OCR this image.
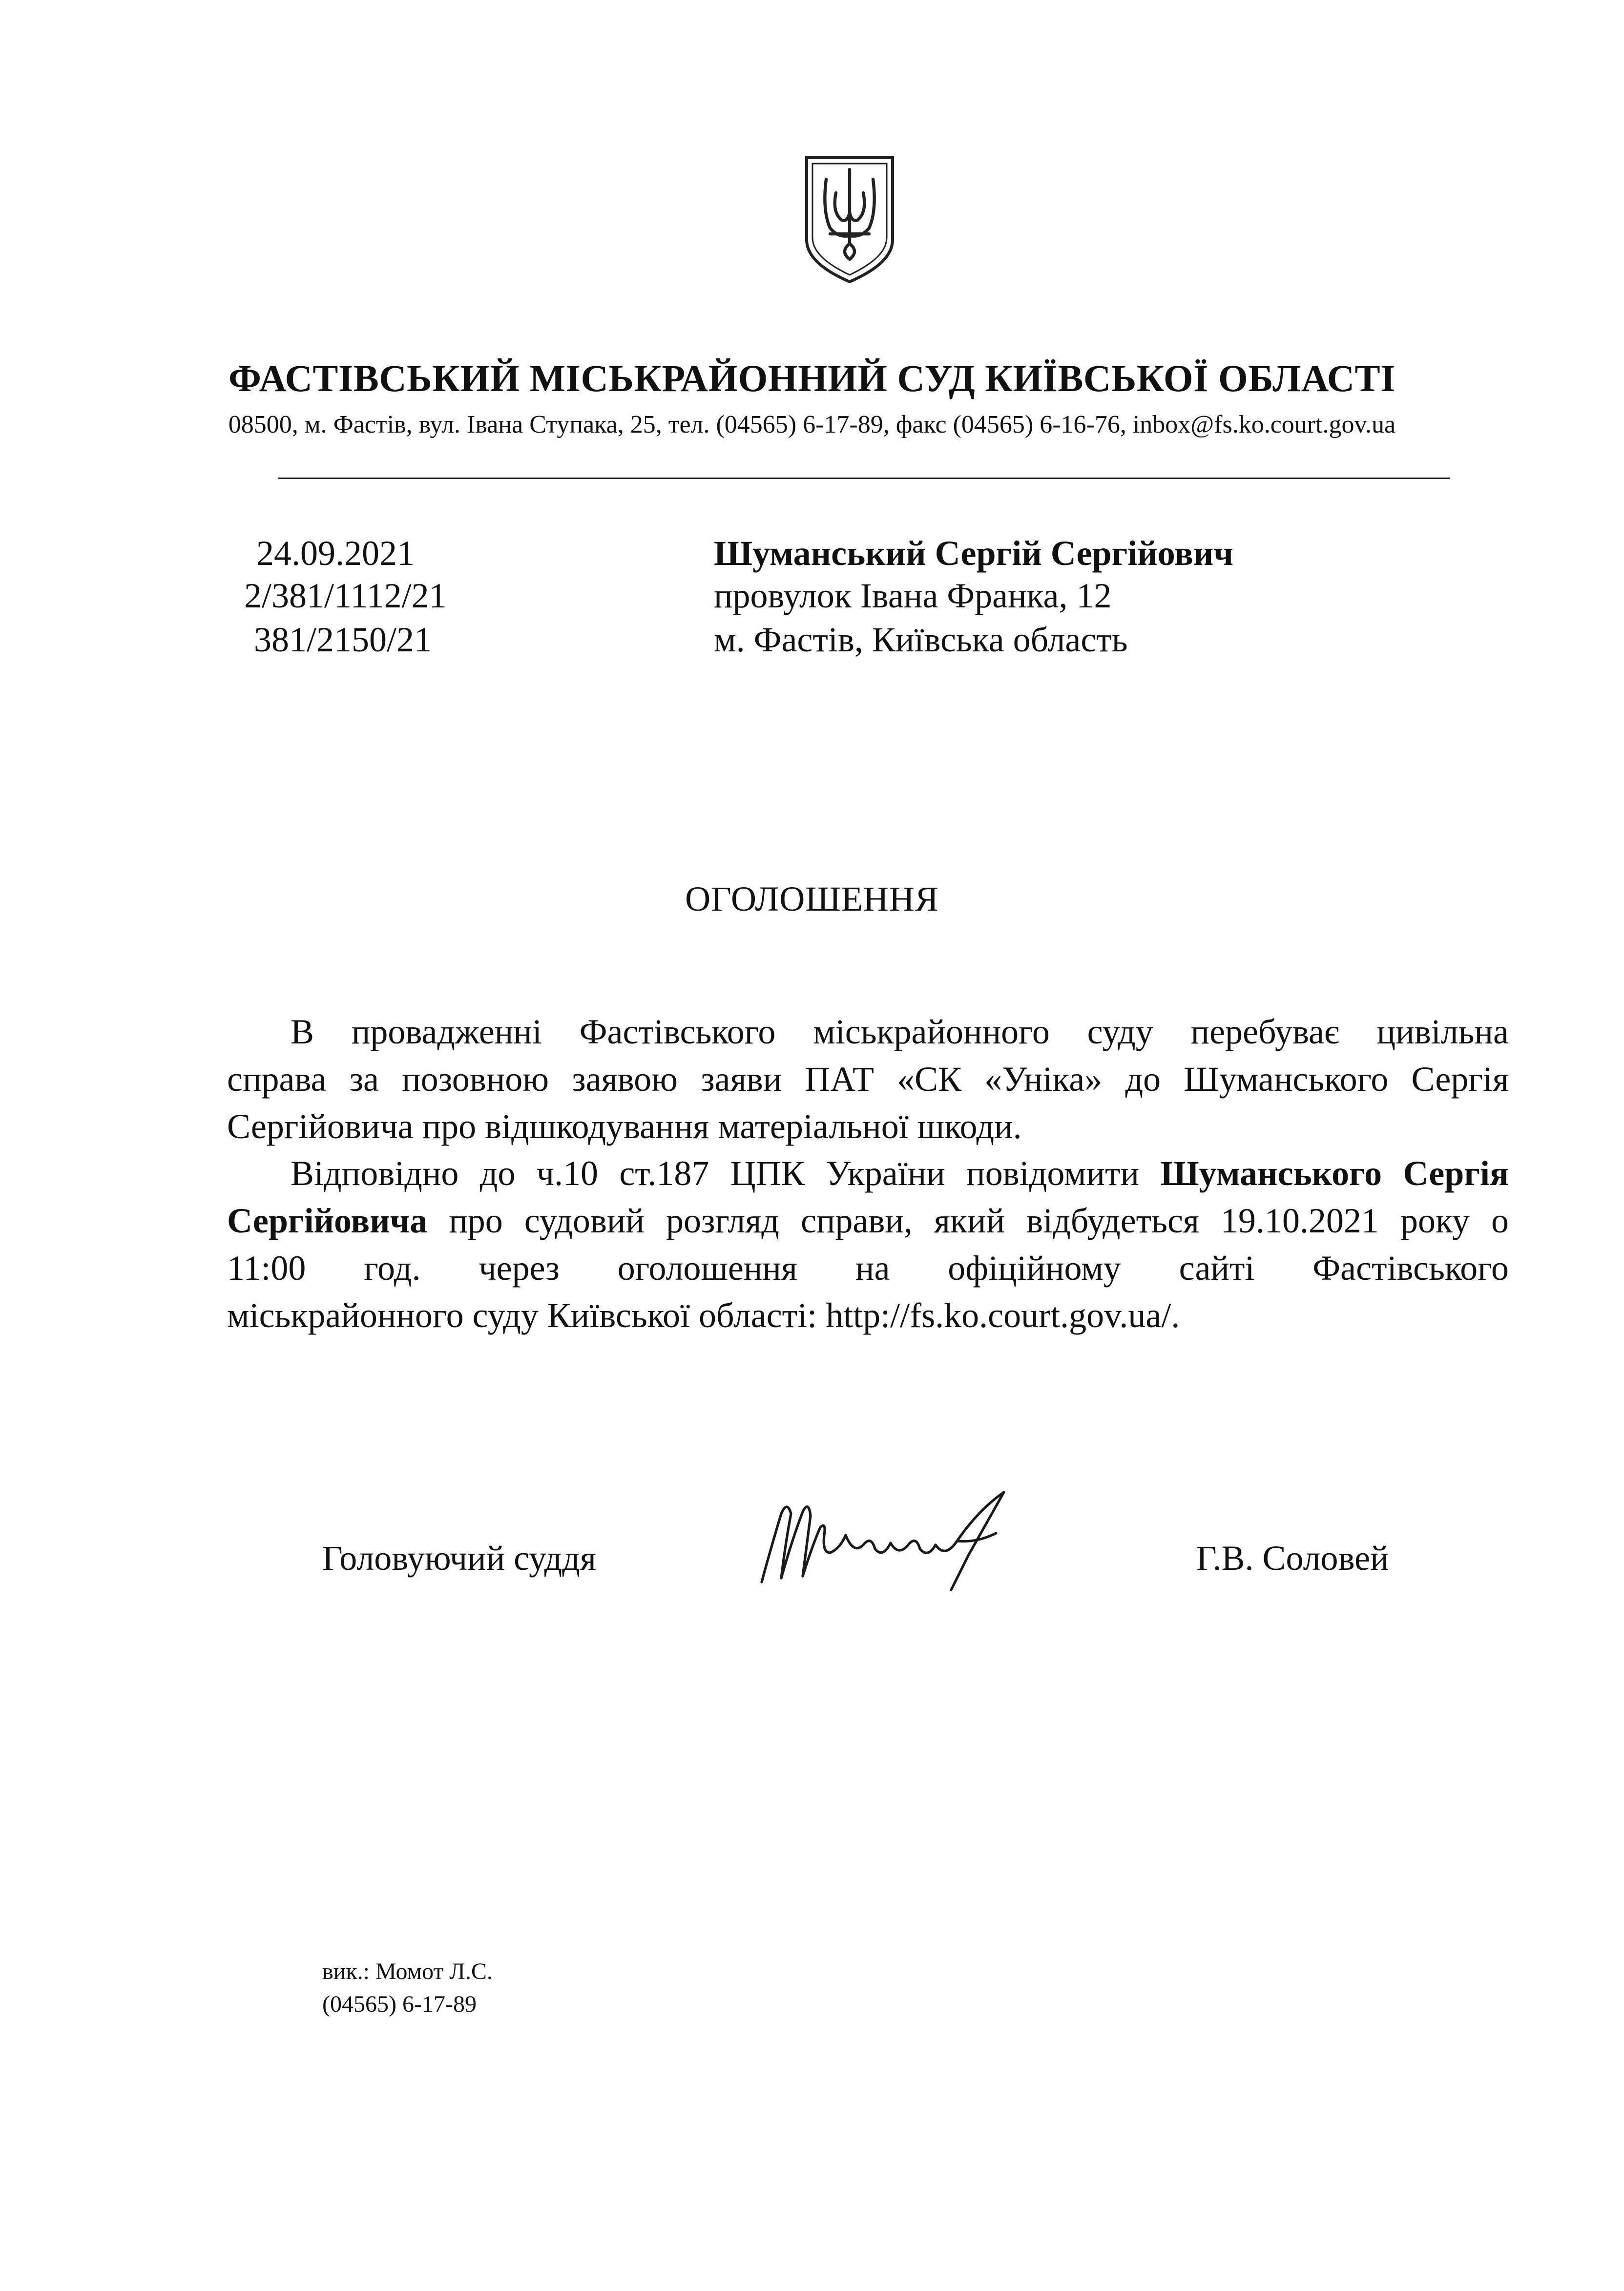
ФАСТІВСЬКИЙ МІСЬКРАЙОННИЙ СУД КИЇВСЬКОЇ ОБЛАСТІ
08500, м. Фастів, вул. Івана Ступака, 25, тел. (04565) 6-17-89, факс (04565) 6-16-76, inbox@fs.ko.court.gov.ua
24.09.2021
2/381/1112/21
381/2150/21
Шуманський Сергій Сергійович
провулок Івана Франка, 12
м. Фастів, Київська область
ОГОЛОШЕННЯ
В провадженні Фастівського міськрайонного суду перебуває цивільна
справа за позовною заявою заяви ПАТ «СК «Уніка» до Шуманського Сергія
Сергійовича про відшкодування матеріальної шкоди.
Відповідно до ч.10 ст.187 ЦПК України повідомити Шуманського Сергія
Сергійовича про судовий розгляд справи, який відбудеться 19.10.2021 року о
11:00 год. через оголошення на офіційному сайті Фастівського
міськрайонного суду Київської області: http://fs.ko.court.gov.ua/.
Головуючий суддя	Г.В. Соловей
вик.: Момот Л.С.
(04565) 6-17-89
